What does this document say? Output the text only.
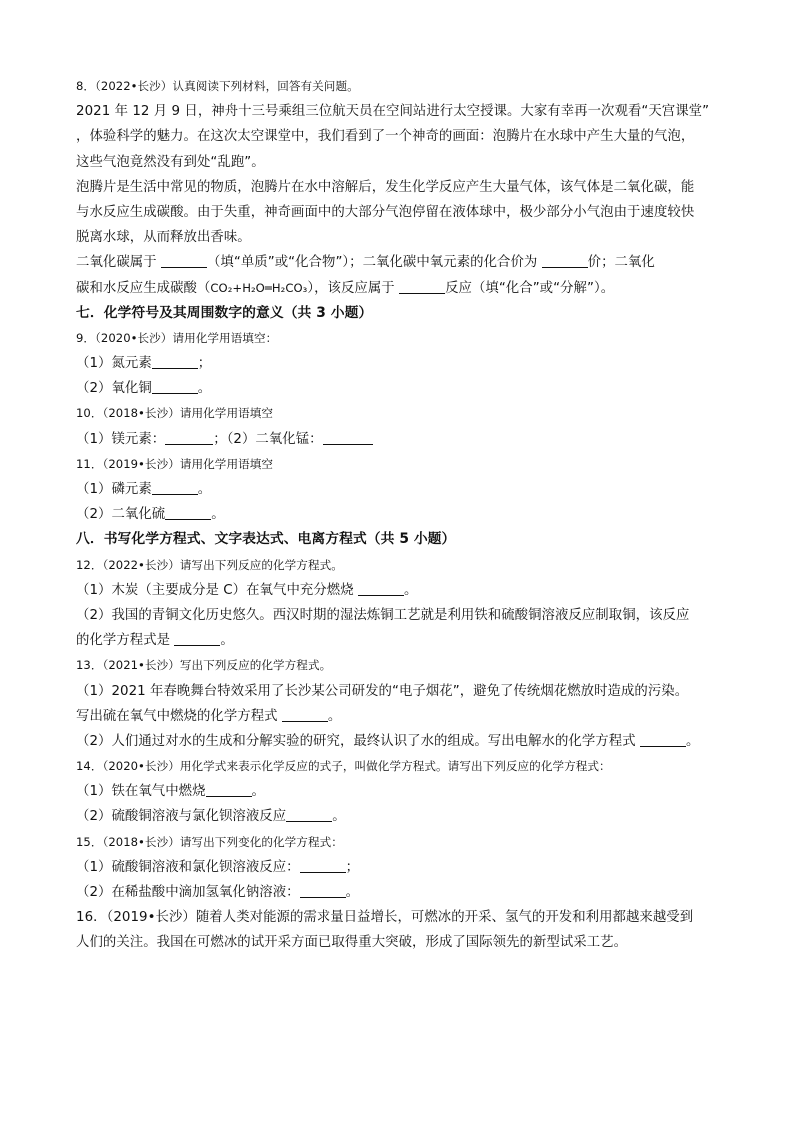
8．（2022•长沙）认真阅读下列材料，回答有关问题。
2021 年 12 月 9 日，神舟十三号乘组三位航天员在空间站进行太空授课。大家有幸再一次观看“天宫课堂”
，体验科学的魅力。在这次太空课堂中，我们看到了一个神奇的画面：泡腾片在水球中产生大量的气泡，
这些气泡竟然没有到处“乱跑”。
泡腾片是生活中常见的物质，泡腾片在水中溶解后，发生化学反应产生大量气体，该气体是二氧化碳，能
与水反应生成碳酸。由于失重，神奇画面中的大部分气泡停留在液体球中，极少部分小气泡由于速度较快
脱离水球，从而释放出香味。
二氧化碳属于	（填“单质”或“化合物”）；二氧化碳中氧元素的化合价为	价；二氧化
碳和水反应生成碳酸（CO₂+H₂O═H₂CO₃），该反应属于	反应（填“化合”或“分解”）。
七．化学符号及其周围数字的意义（共 3 小题）
9．（2020•长沙）请用化学用语填空：
（1）氮元素	；
（2）氧化铜	。
10．（2018•长沙）请用化学用语填空
（1）镁元素：	；（2）二氧化锰：
11．（2019•长沙）请用化学用语填空
（1）磷元素	。
（2）二氧化硫	。
八．书写化学方程式、文字表达式、电离方程式（共 5 小题）
12．（2022•长沙）请写出下列反应的化学方程式。
（1）木炭（主要成分是 C）在氧气中充分燃烧	。
（2）我国的青铜文化历史悠久。西汉时期的湿法炼铜工艺就是利用铁和硫酸铜溶液反应制取铜，该反应
的化学方程式是	。
13．（2021•长沙）写出下列反应的化学方程式。
（1）2021 年春晚舞台特效采用了长沙某公司研发的“电子烟花”，避免了传统烟花燃放时造成的污染。
写出硫在氧气中燃烧的化学方程式	。
（2）人们通过对水的生成和分解实验的研究，最终认识了水的组成。写出电解水的化学方程式	。
14．（2020•长沙）用化学式来表示化学反应的式子，叫做化学方程式。请写出下列反应的化学方程式：
（1）铁在氧气中燃烧	。
（2）硫酸铜溶液与氯化钡溶液反应	。
15．（2018•长沙）请写出下列变化的化学方程式：
（1）硫酸铜溶液和氯化钡溶液反应：	；
（2）在稀盐酸中滴加氢氧化钠溶液：	。
16．（2019•长沙）随着人类对能源的需求量日益增长，可燃冰的开采、氢气的开发和利用都越来越受到
人们的关注。我国在可燃冰的试开采方面已取得重大突破，形成了国际领先的新型试采工艺。
